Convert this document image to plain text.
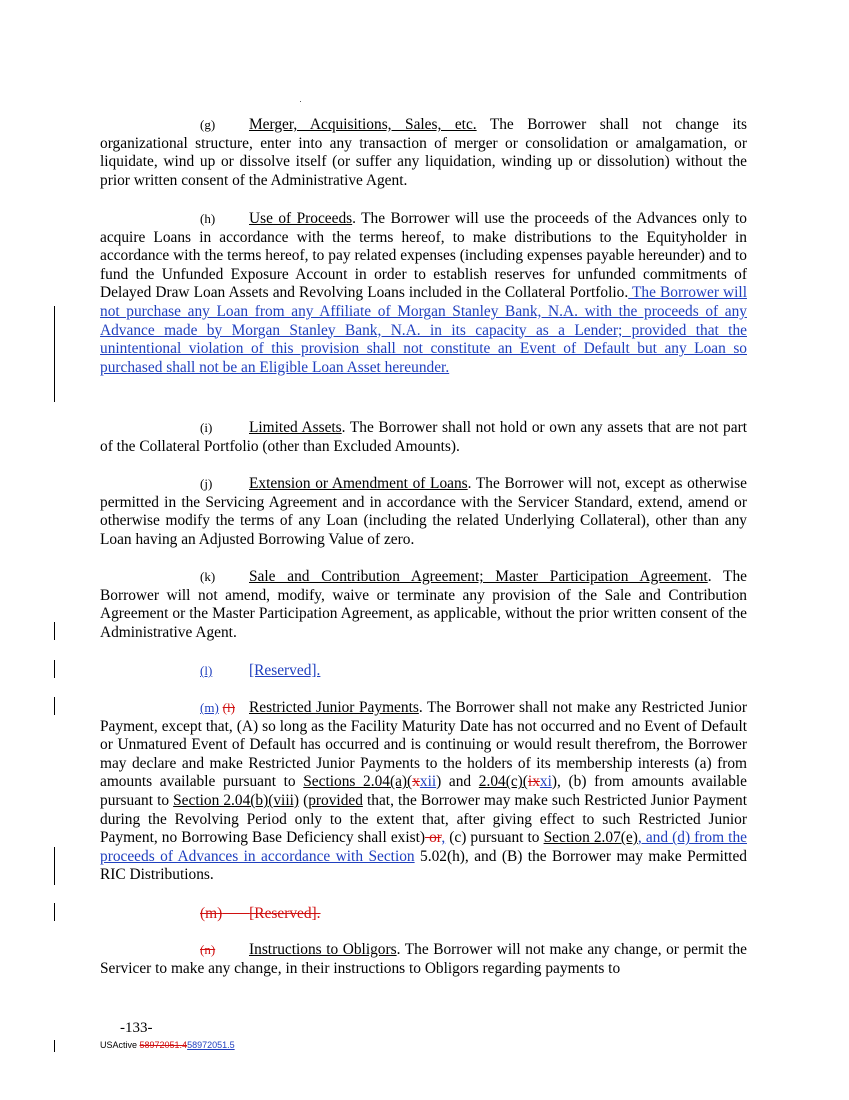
(g) Merger, Acquisitions, Sales, etc. The Borrower shall not change its organizational structure, enter into any transaction of merger or consolidation or amalgamation, or liquidate, wind up or dissolve itself (or suffer any liquidation, winding up or dissolution) without the prior written consent of the Administrative Agent.

(h) Use of Proceeds. The Borrower will use the proceeds of the Advances only to acquire Loans in accordance with the terms hereof, to make distributions to the Equityholder in accordance with the terms hereof, to pay related expenses (including expenses payable hereunder) and to fund the Unfunded Exposure Account in order to establish reserves for unfunded commitments of Delayed Draw Loan Assets and Revolving Loans included in the Collateral Portfolio. The Borrower will not purchase any Loan from any Affiliate of Morgan Stanley Bank, N.A. with the proceeds of any Advance made by Morgan Stanley Bank, N.A. in its capacity as a Lender; provided that the unintentional violation of this provision shall not constitute an Event of Default but any Loan so purchased shall not be an Eligible Loan Asset hereunder.

(i) Limited Assets. The Borrower shall not hold or own any assets that are not part of the Collateral Portfolio (other than Excluded Amounts).

(j) Extension or Amendment of Loans. The Borrower will not, except as otherwise permitted in the Servicing Agreement and in accordance with the Servicer Standard, extend, amend or otherwise modify the terms of any Loan (including the related Underlying Collateral), other than any Loan having an Adjusted Borrowing Value of zero.

(k) Sale and Contribution Agreement; Master Participation Agreement. The Borrower will not amend, modify, waive or terminate any provision of the Sale and Contribution Agreement or the Master Participation Agreement, as applicable, without the prior written consent of the Administrative Agent.

(l) [Reserved].

(m) (l) Restricted Junior Payments. The Borrower shall not make any Restricted Junior Payment, except that, (A) so long as the Facility Maturity Date has not occurred and no Event of Default or Unmatured Event of Default has occurred and is continuing or would result therefrom, the Borrower may declare and make Restricted Junior Payments to the holders of its membership interests (a) from amounts available pursuant to Sections 2.04(a)(xxii) and 2.04(c)(ixxi), (b) from amounts available pursuant to Section 2.04(b)(viii) (provided that, the Borrower may make such Restricted Junior Payment during the Revolving Period only to the extent that, after giving effect to such Restricted Junior Payment, no Borrowing Base Deficiency shall exist) or, (c) pursuant to Section 2.07(e), and (d) from the proceeds of Advances in accordance with Section 5.02(h), and (B) the Borrower may make Permitted RIC Distributions.

(m) [Reserved].

(n) Instructions to Obligors. The Borrower will not make any change, or permit the Servicer to make any change, in their instructions to Obligors regarding payments to

-133-
USActive 58972051.458972051.5
